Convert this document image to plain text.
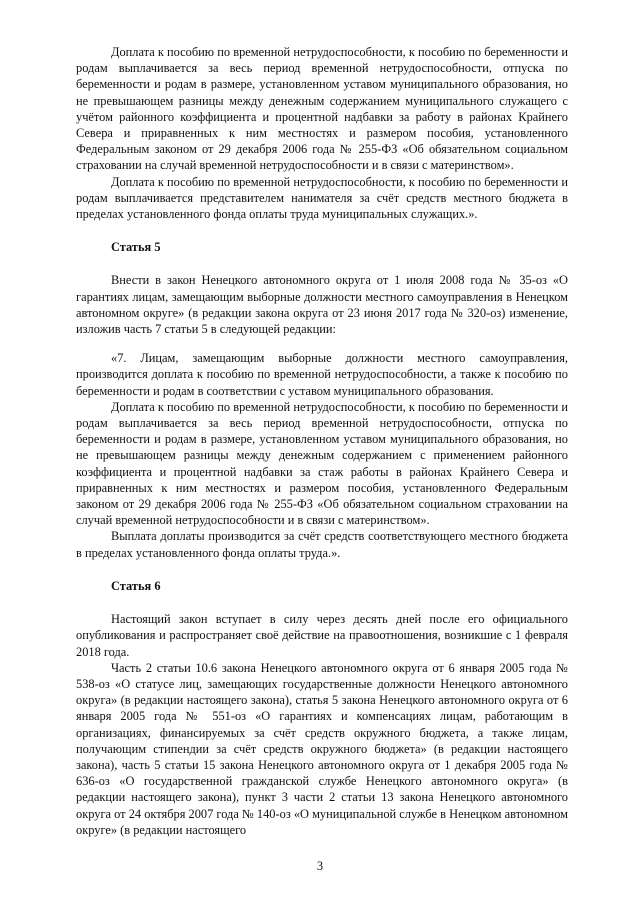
Доплата к пособию по временной нетрудоспособности, к пособию по беременности и родам выплачивается за весь период временной нетрудоспособности, отпуска по беременности и родам в размере, установленном уставом муниципального образования, но не превышающем разницы между денежным содержанием муниципального служащего с учётом районного коэффициента и процентной надбавки за работу в районах Крайнего Севера и приравненных к ним местностях и размером пособия, установленного Федеральным законом от 29 декабря 2006 года № 255-ФЗ «Об обязательном социальном страховании на случай временной нетрудоспособности и в связи с материнством».

Доплата к пособию по временной нетрудоспособности, к пособию по беременности и родам выплачивается представителем нанимателя за счёт средств местного бюджета в пределах установленного фонда оплаты труда муниципальных служащих.».

Статья 5

Внести в закон Ненецкого автономного округа от 1 июля 2008 года № 35-оз «О гарантиях лицам, замещающим выборные должности местного самоуправления в Ненецком автономном округе» (в редакции закона округа от 23 июня 2017 года № 320-оз) изменение, изложив часть 7 статьи 5 в следующей редакции:

«7. Лицам, замещающим выборные должности местного самоуправления, производится доплата к пособию по временной нетрудоспособности, а также к пособию по беременности и родам в соответствии с уставом муниципального образования.

Доплата к пособию по временной нетрудоспособности, к пособию по беременности и родам выплачивается за весь период временной нетрудоспособности, отпуска по беременности и родам в размере, установленном уставом муниципального образования, но не превышающем разницы между денежным содержанием с применением районного коэффициента и процентной надбавки за стаж работы в районах Крайнего Севера и приравненных к ним местностях и размером пособия, установленного Федеральным законом от 29 декабря 2006 года № 255-ФЗ «Об обязательном социальном страховании на случай временной нетрудоспособности и в связи с материнством».

Выплата доплаты производится за счёт средств соответствующего местного бюджета в пределах установленного фонда оплаты труда.».

Статья 6

Настоящий закон вступает в силу через десять дней после его официального опубликования и распространяет своё действие на правоотношения, возникшие с 1 февраля 2018 года.

Часть 2 статьи 10.6 закона Ненецкого автономного округа от 6 января 2005 года № 538-оз «О статусе лиц, замещающих государственные должности Ненецкого автономного округа» (в редакции настоящего закона), статья 5 закона Ненецкого автономного округа от 6 января 2005 года № 551-оз «О гарантиях и компенсациях лицам, работающим в организациях, финансируемых за счёт средств окружного бюджета, а также лицам, получающим стипендии за счёт средств окружного бюджета» (в редакции настоящего закона), часть 5 статьи 15 закона Ненецкого автономного округа от 1 декабря 2005 года № 636-оз «О государственной гражданской службе Ненецкого автономного округа» (в редакции настоящего закона), пункт 3 части 2 статьи 13 закона Ненецкого автономного округа от 24 октября 2007 года № 140-оз «О муниципальной службе в Ненецком автономном округе» (в редакции настоящего

3
